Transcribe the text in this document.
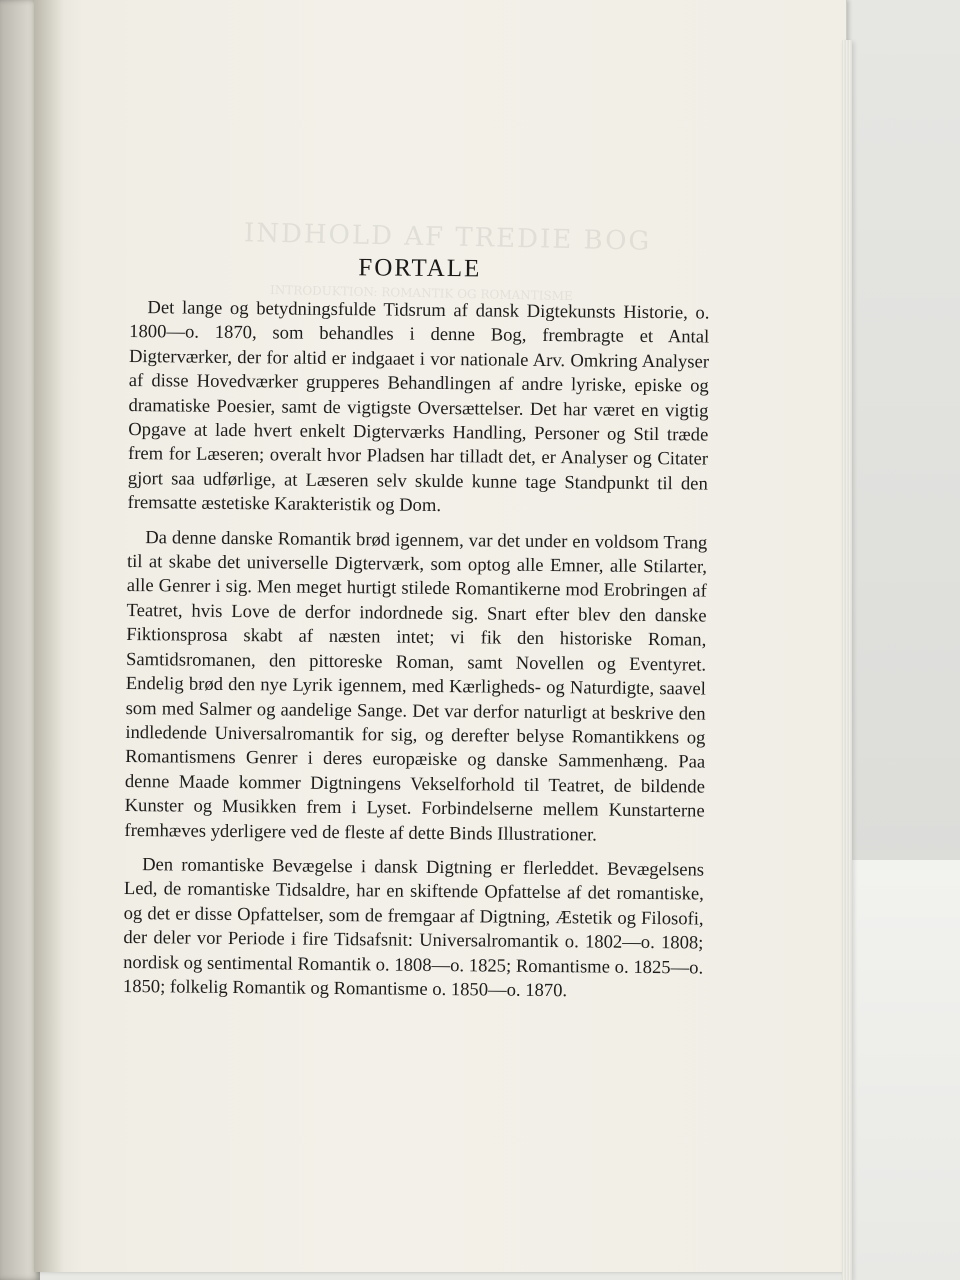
INDHOLD AF TREDIE BOG
INTRODUKTION: ROMANTIK OG ROMANTISME
FORTALE

Det lange og betydningsfulde Tidsrum af dansk Digtekunsts Historie, o. 1800—o. 1870, som behandles i denne Bog, frembragte et Antal Digterværker, der for altid er indgaaet i vor nationale Arv. Omkring Analyser af disse Hovedværker grupperes Behandlingen af andre lyriske, episke og dramatiske Poesier, samt de vigtigste Oversættelser. Det har været en vigtig Opgave at lade hvert enkelt Digterværks Handling, Personer og Stil træde frem for Læseren; overalt hvor Pladsen har tilladt det, er Analyser og Citater gjort saa udførlige, at Læseren selv skulde kunne tage Standpunkt til den fremsatte æstetiske Karakteristik og Dom.

Da denne danske Romantik brød igennem, var det under en voldsom Trang til at skabe det universelle Digterværk, som optog alle Emner, alle Stilarter, alle Genrer i sig. Men meget hurtigt stilede Romantikerne mod Erobringen af Teatret, hvis Love de derfor indordnede sig. Snart efter blev den danske Fiktionsprosa skabt af næsten intet; vi fik den historiske Roman, Samtidsromanen, den pittoreske Roman, samt Novellen og Eventyret. Endelig brød den nye Lyrik igennem, med Kærligheds- og Naturdigte, saavel som med Salmer og aandelige Sange. Det var derfor naturligt at beskrive den indledende Universalromantik for sig, og derefter belyse Romantikkens og Romantismens Genrer i deres europæiske og danske Sammenhæng. Paa denne Maade kommer Digtningens Vekselforhold til Teatret, de bildende Kunster og Musikken frem i Lyset. Forbindelserne mellem Kunstarterne fremhæves yderligere ved de fleste af dette Binds Illustrationer.

Den romantiske Bevægelse i dansk Digtning er flerleddet. Bevægelsens Led, de romantiske Tidsaldre, har en skiftende Opfattelse af det romantiske, og det er disse Opfattelser, som de fremgaar af Digtning, Æstetik og Filosofi, der deler vor Periode i fire Tidsafsnit: Universalromantik o. 1802—o. 1808; nordisk og sentimental Romantik o. 1808—o. 1825; Romantisme o. 1825—o. 1850; folkelig Romantik og Romantisme o. 1850—o. 1870.
